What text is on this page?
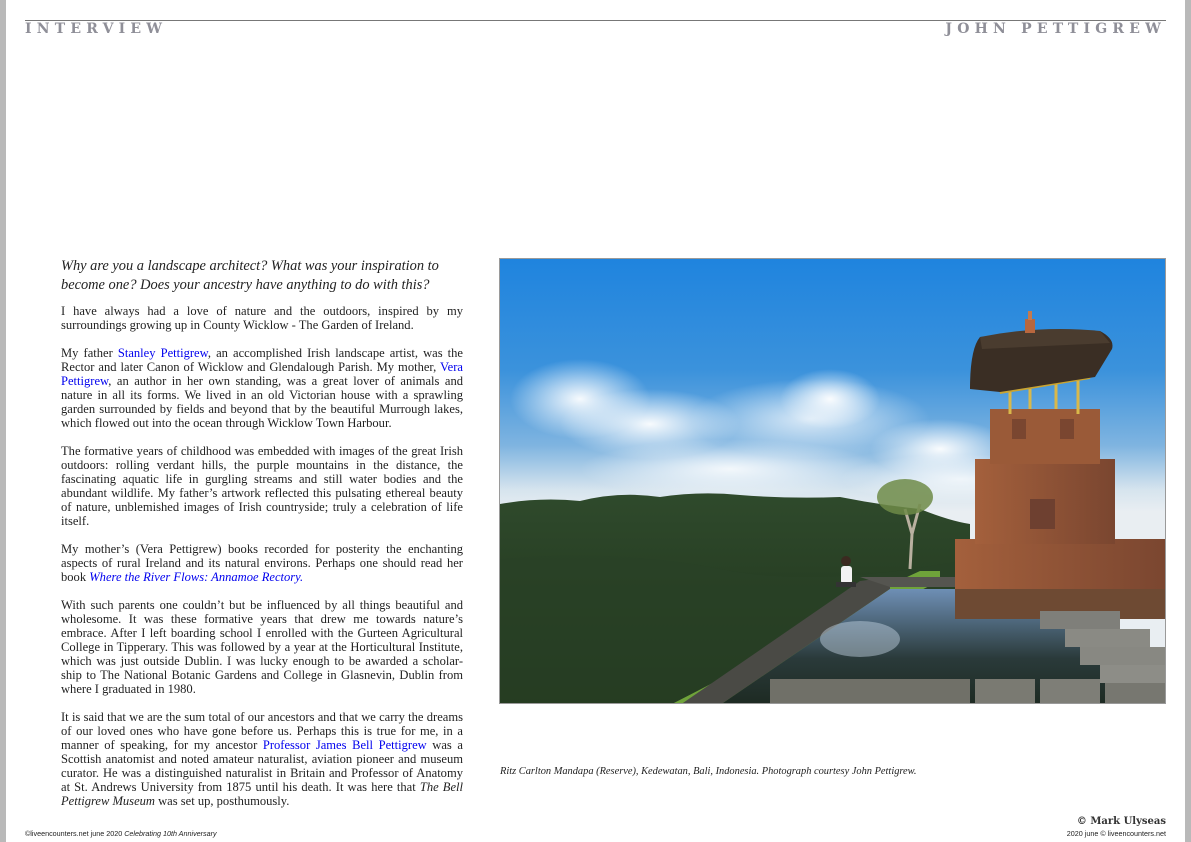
INTERVIEW	JOHN PETTIGREW

Why are you a landscape architect? What was your inspiration to become one? Does your ancestry have anything to do with this?

I have always had a love of nature and the outdoors, inspired by my surroundings growing up in County Wicklow - The Garden of Ireland.

My father Stanley Pettigrew, an accomplished Irish landscape artist, was the Rector and later Canon of Wicklow and Glendalough Parish. My mother, Vera Pettigrew, an author in her own standing, was a great lover of animals and nature in all its forms. We lived in an old Victorian house with a sprawling garden surrounded by fields and beyond that by the beautiful Murrough lakes, which flowed out into the ocean through Wicklow Town Harbour.

The formative years of childhood was embedded with images of the great Irish outdoors: rolling verdant hills, the purple mountains in the distance, the fascinating aquatic life in gurgling streams and still water bodies and the abundant wildlife. My father’s artwork reflected this pulsating ethereal beauty of nature, unblemished images of Irish countryside; truly a celebration of life itself.

My mother’s (Vera Pettigrew) books recorded for posterity the enchanting aspects of rural Ireland and its natural environs. Perhaps one should read her book Where the River Flows: Annamoe Rectory.

With such parents one couldn’t but be influenced by all things beautiful and wholesome. It was these formative years that drew me towards nature’s embrace. After I left boarding school I enrolled with the Gurteen Agricultural College in Tipperary. This was followed by a year at the Horticultural Institute, which was just outside Dublin. I was lucky enough to be awarded a scholar-ship to The National Botanic Gardens and College in Glasnevin, Dublin from where I graduated in 1980.

It is said that we are the sum total of our ancestors and that we carry the dreams of our loved ones who have gone before us. Perhaps this is true for me, in a manner of speaking, for my ancestor Professor James Bell Pettigrew was a Scottish anatomist and noted amateur naturalist, aviation pioneer and museum curator. He was a distinguished naturalist in Britain and Professor of Anatomy at St. Andrews University from 1875 until his death. It was here that The Bell Pettigrew Museum was set up, posthumously.

Ritz Carlton Mandapa (Reserve), Kedewatan, Bali, Indonesia. Photograph courtesy John Pettigrew.
© Mark Ulyseas
©liveencounters.net june 2020 Celebrating 10th Anniversary	2020 june © liveencounters.net
